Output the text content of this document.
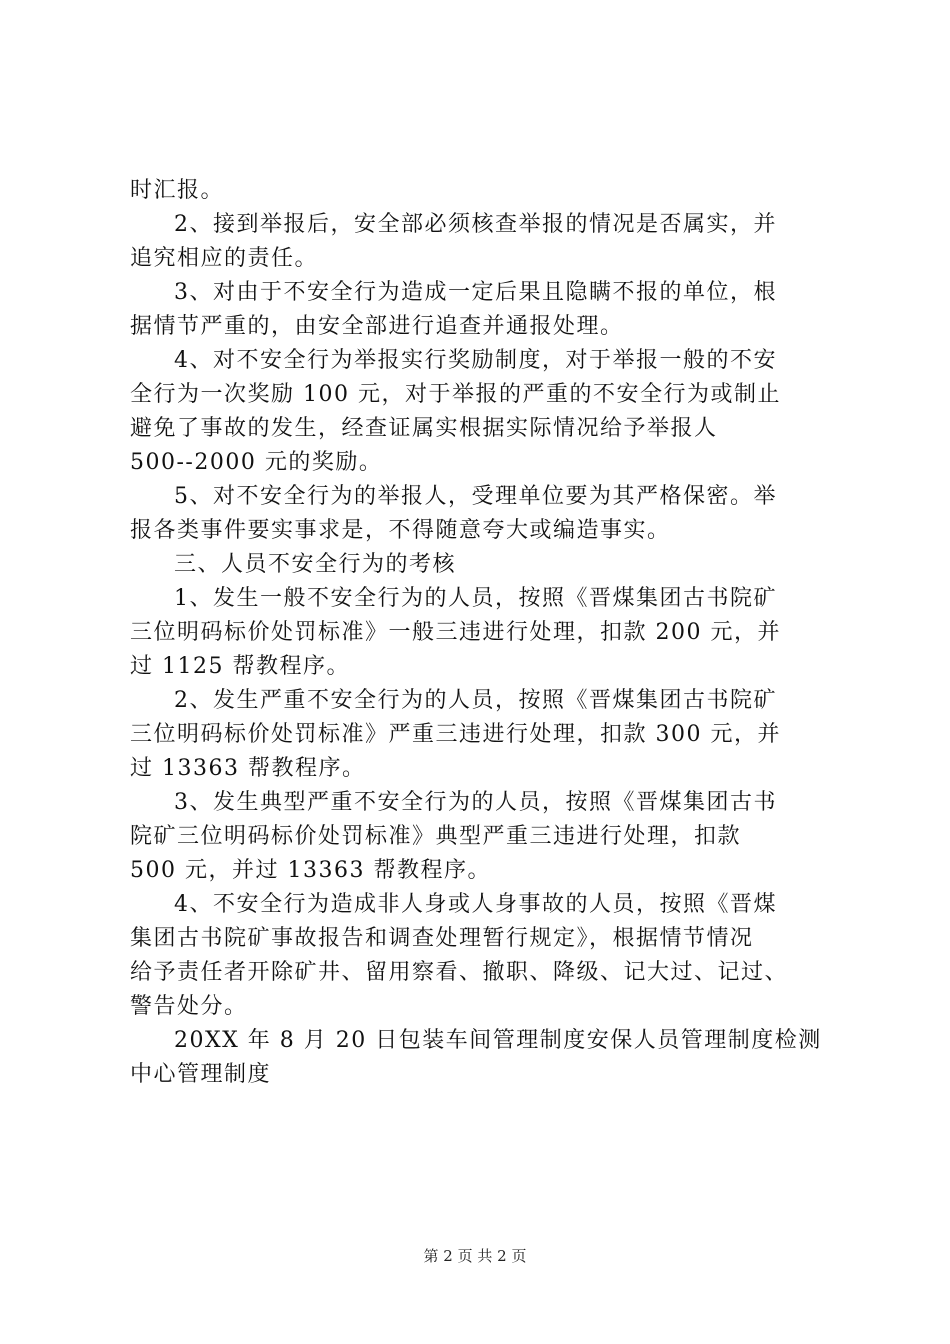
时汇报。
2、接到举报后，安全部必须核查举报的情况是否属实，并
追究相应的责任。
3、对由于不安全行为造成一定后果且隐瞒不报的单位，根
据情节严重的，由安全部进行追查并通报处理。
4、对不安全行为举报实行奖励制度，对于举报一般的不安
全行为一次奖励 100 元，对于举报的严重的不安全行为或制止
避免了事故的发生，经查证属实根据实际情况给予举报人
500--2000 元的奖励。
5、对不安全行为的举报人，受理单位要为其严格保密。举
报各类事件要实事求是，不得随意夸大或编造事实。
三、人员不安全行为的考核
1、发生一般不安全行为的人员，按照《晋煤集团古书院矿
三位明码标价处罚标准》一般三违进行处理，扣款 200 元，并
过 1125 帮教程序。
2、发生严重不安全行为的人员，按照《晋煤集团古书院矿
三位明码标价处罚标准》严重三违进行处理，扣款 300 元，并
过 13363 帮教程序。
3、发生典型严重不安全行为的人员，按照《晋煤集团古书
院矿三位明码标价处罚标准》典型严重三违进行处理，扣款
500 元，并过 13363 帮教程序。
4、不安全行为造成非人身或人身事故的人员，按照《晋煤
集团古书院矿事故报告和调查处理暂行规定》，根据情节情况
给予责任者开除矿井、留用察看、撤职、降级、记大过、记过、
警告处分。
20XX 年 8 月 20 日包装车间管理制度安保人员管理制度检测
中心管理制度
第 2 页 共 2 页
